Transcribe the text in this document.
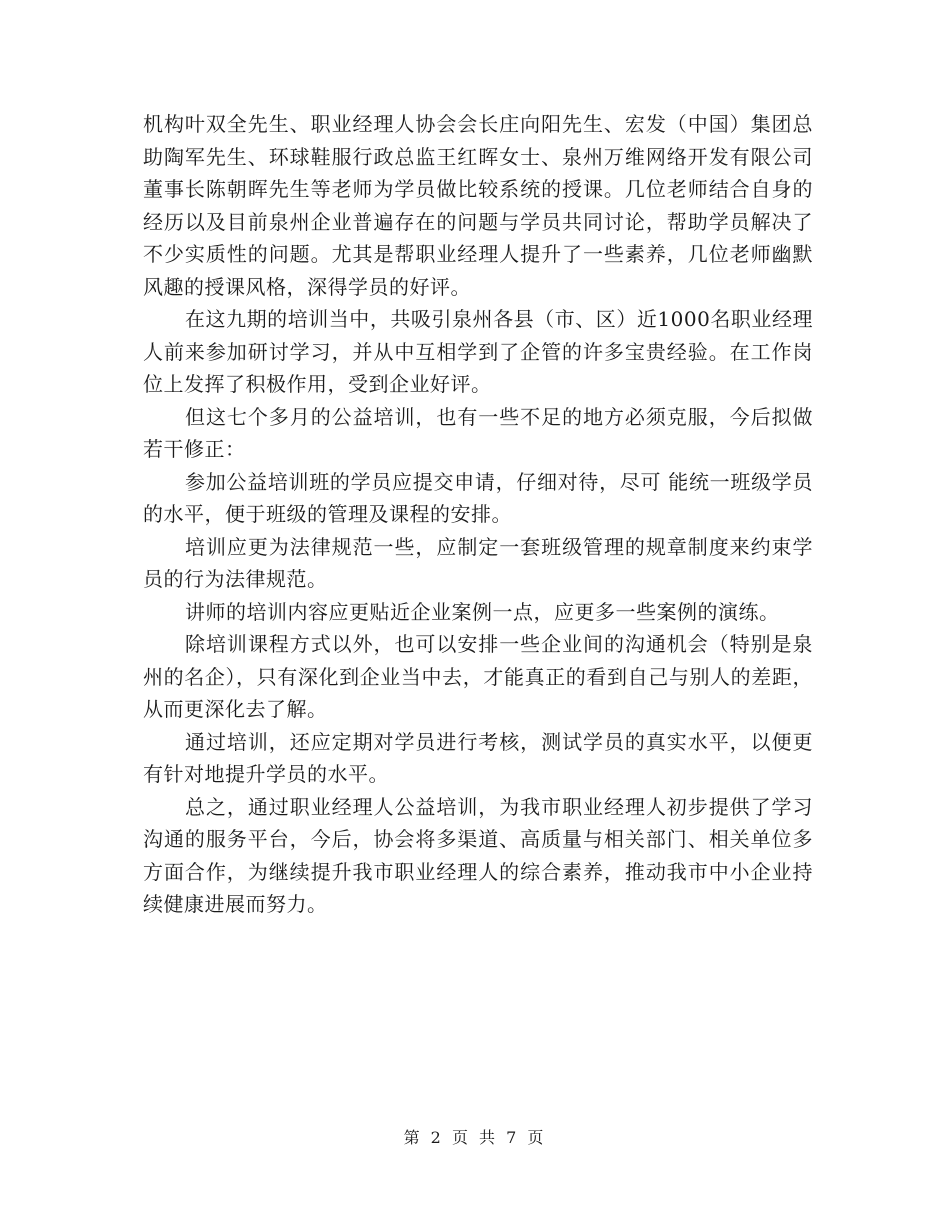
机构叶双全先生、职业经理人协会会长庄向阳先生、宏发（中国）集团总助陶军先生、环球鞋服行政总监王红晖女士、泉州万维网络开发有限公司董事长陈朝晖先生等老师为学员做比较系统的授课。几位老师结合自身的经历以及目前泉州企业普遍存在的问题与学员共同讨论，帮助学员解决了不少实质性的问题。尤其是帮职业经理人提升了一些素养，几位老师幽默风趣的授课风格，深得学员的好评。

在这九期的培训当中，共吸引泉州各县（市、区）近1000名职业经理人前来参加研讨学习，并从中互相学到了企管的许多宝贵经验。在工作岗位上发挥了积极作用，受到企业好评。

但这七个多月的公益培训，也有一些不足的地方必须克服，今后拟做若干修正：

参加公益培训班的学员应提交申请，仔细对待，尽可 能统一班级学员的水平，便于班级的管理及课程的安排。

培训应更为法律规范一些，应制定一套班级管理的规章制度来约束学员的行为法律规范。

讲师的培训内容应更贴近企业案例一点，应更多一些案例的演练。

除培训课程方式以外，也可以安排一些企业间的沟通机会（特别是泉州的名企），只有深化到企业当中去，才能真正的看到自己与别人的差距，从而更深化去了解。

通过培训，还应定期对学员进行考核，测试学员的真实水平，以便更有针对地提升学员的水平。

总之，通过职业经理人公益培训，为我市职业经理人初步提供了学习沟通的服务平台，今后，协会将多渠道、高质量与相关部门、相关单位多方面合作，为继续提升我市职业经理人的综合素养，推动我市中小企业持续健康进展而努力。

第 2 页 共 7 页
